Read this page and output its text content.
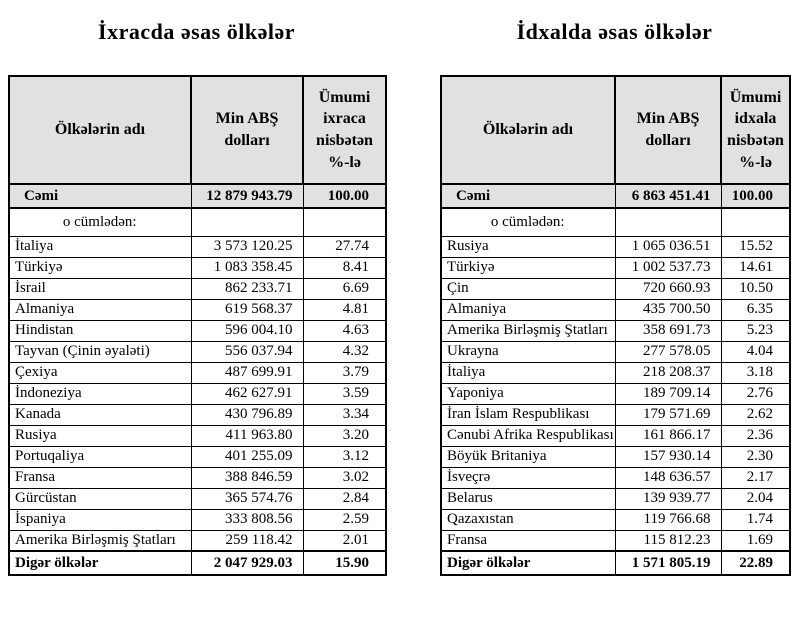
İxracda əsas ölkələr
Ölkələrin adı	Min ABŞ dolları	Ümumi ixraca nisbətən %-lə
Cəmi	12 879 943.79	100.00
o cümlədən:		
İtaliya	3 573 120.25	27.74
Türkiyə	1 083 358.45	8.41
İsrail	862 233.71	6.69
Almaniya	619 568.37	4.81
Hindistan	596 004.10	4.63
Tayvan (Çinin əyaləti)	556 037.94	4.32
Çexiya	487 699.91	3.79
İndoneziya	462 627.91	3.59
Kanada	430 796.89	3.34
Rusiya	411 963.80	3.20
Portuqaliya	401 255.09	3.12
Fransa	388 846.59	3.02
Gürcüstan	365 574.76	2.84
İspaniya	333 808.56	2.59
Amerika Birləşmiş Ştatları	259 118.42	2.01
Digər ölkələr	2 047 929.03	15.90
İdxalda əsas ölkələr
Ölkələrin adı	Min ABŞ dolları	Ümumi idxala nisbətən %-lə
Cəmi	6 863 451.41	100.00
o cümlədən:		
Rusiya	1 065 036.51	15.52
Türkiyə	1 002 537.73	14.61
Çin	720 660.93	10.50
Almaniya	435 700.50	6.35
Amerika Birləşmiş Ştatları	358 691.73	5.23
Ukrayna	277 578.05	4.04
İtaliya	218 208.37	3.18
Yaponiya	189 709.14	2.76
İran İslam Respublikası	179 571.69	2.62
Cənubi Afrika Respublikası	161 866.17	2.36
Böyük Britaniya	157 930.14	2.30
İsveçrə	148 636.57	2.17
Belarus	139 939.77	2.04
Qazaxıstan	119 766.68	1.74
Fransa	115 812.23	1.69
Digər ölkələr	1 571 805.19	22.89
